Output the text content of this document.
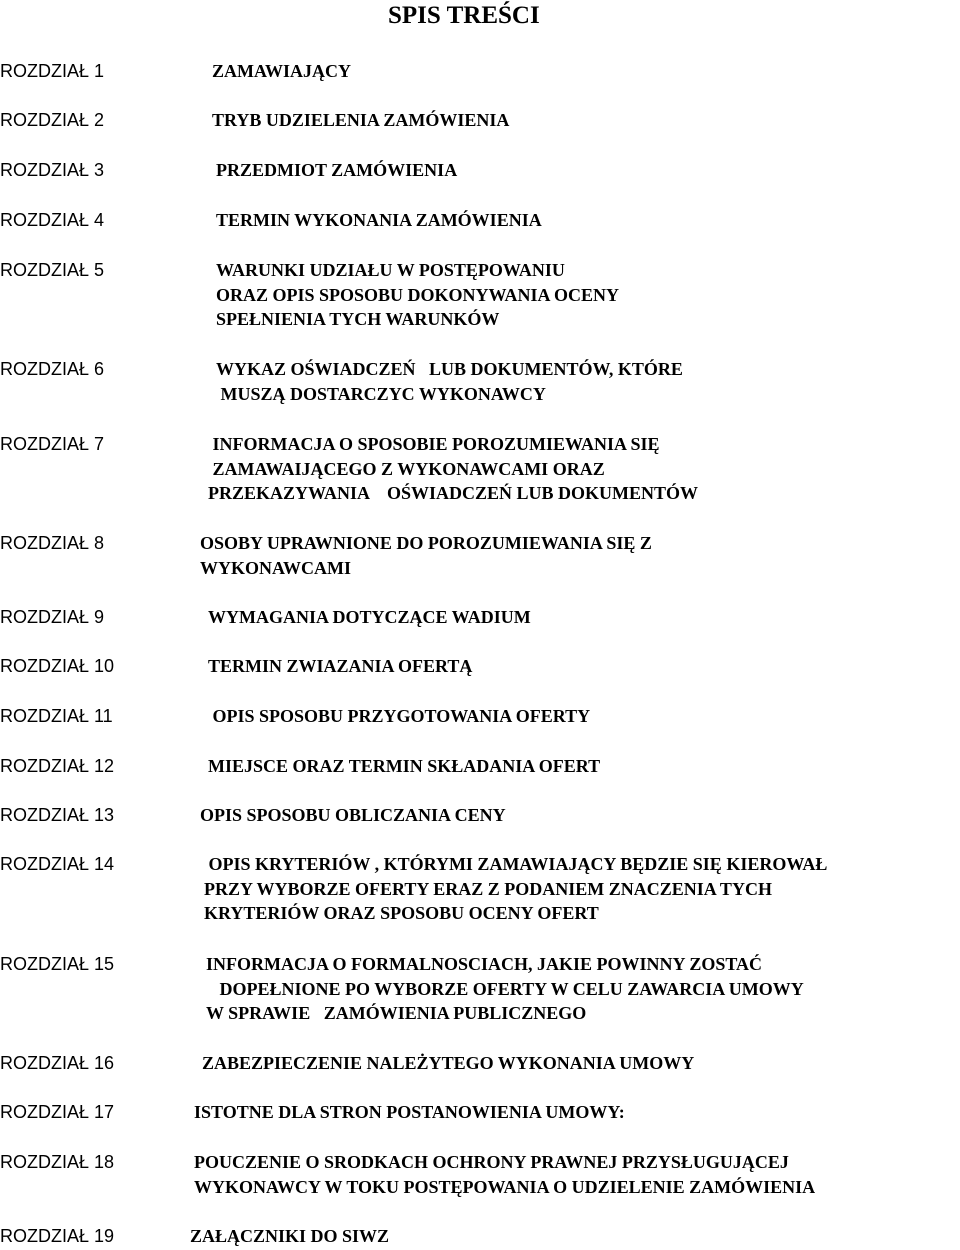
SPIS TREŚCI
ROZDZIAŁ 1	ZAMAWIAJĄCY
ROZDZIAŁ 2	TRYB UDZIELENIA ZAMÓWIENIA
ROZDZIAŁ 3	PRZEDMIOT ZAMÓWIENIA
ROZDZIAŁ 4	TERMIN WYKONANIA ZAMÓWIENIA
ROZDZIAŁ 5	WARUNKI UDZIAŁU W POSTĘPOWANIU
ORAZ OPIS SPOSOBU DOKONYWANIA OCENY
SPEŁNIENIA TYCH WARUNKÓW
ROZDZIAŁ 6	WYKAZ OŚWIADCZEŃ   LUB DOKUMENTÓW, KTÓRE
MUSZĄ DOSTARCZYC WYKONAWCY
ROZDZIAŁ 7	INFORMACJA O SPOSOBIE POROZUMIEWANIA SIĘ
ZAMAWAIJĄCEGO Z WYKONAWCAMI ORAZ
PRZEKAZYWANIA    OŚWIADCZEŃ LUB DOKUMENTÓW
ROZDZIAŁ 8	OSOBY UPRAWNIONE DO POROZUMIEWANIA SIĘ Z
WYKONAWCAMI
ROZDZIAŁ 9	WYMAGANIA DOTYCZĄCE WADIUM
ROZDZIAŁ 10	TERMIN ZWIAZANIA OFERTĄ
ROZDZIAŁ 11	OPIS SPOSOBU PRZYGOTOWANIA OFERTY
ROZDZIAŁ 12	MIEJSCE ORAZ TERMIN SKŁADANIA OFERT
ROZDZIAŁ 13	OPIS SPOSOBU OBLICZANIA CENY
ROZDZIAŁ 14	OPIS KRYTERIÓW , KTÓRYMI ZAMAWIAJĄCY BĘDZIE SIĘ KIEROWAŁ
PRZY WYBORZE OFERTY ERAZ Z PODANIEM ZNACZENIA TYCH
KRYTERIÓW ORAZ SPOSOBU OCENY OFERT
ROZDZIAŁ 15	INFORMACJA O FORMALNOSCIACH, JAKIE POWINNY ZOSTAĆ
DOPEŁNIONE PO WYBORZE OFERTY W CELU ZAWARCIA UMOWY
W SPRAWIE   ZAMÓWIENIA PUBLICZNEGO
ROZDZIAŁ 16	ZABEZPIECZENIE NALEŻYTEGO WYKONANIA UMOWY
ROZDZIAŁ 17	ISTOTNE DLA STRON POSTANOWIENIA UMOWY:
ROZDZIAŁ 18	POUCZENIE O SRODKACH OCHRONY PRAWNEJ PRZYSŁUGUJĄCEJ
WYKONAWCY W TOKU POSTĘPOWANIA O UDZIELENIE ZAMÓWIENIA
ROZDZIAŁ 19	ZAŁĄCZNIKI DO SIWZ
